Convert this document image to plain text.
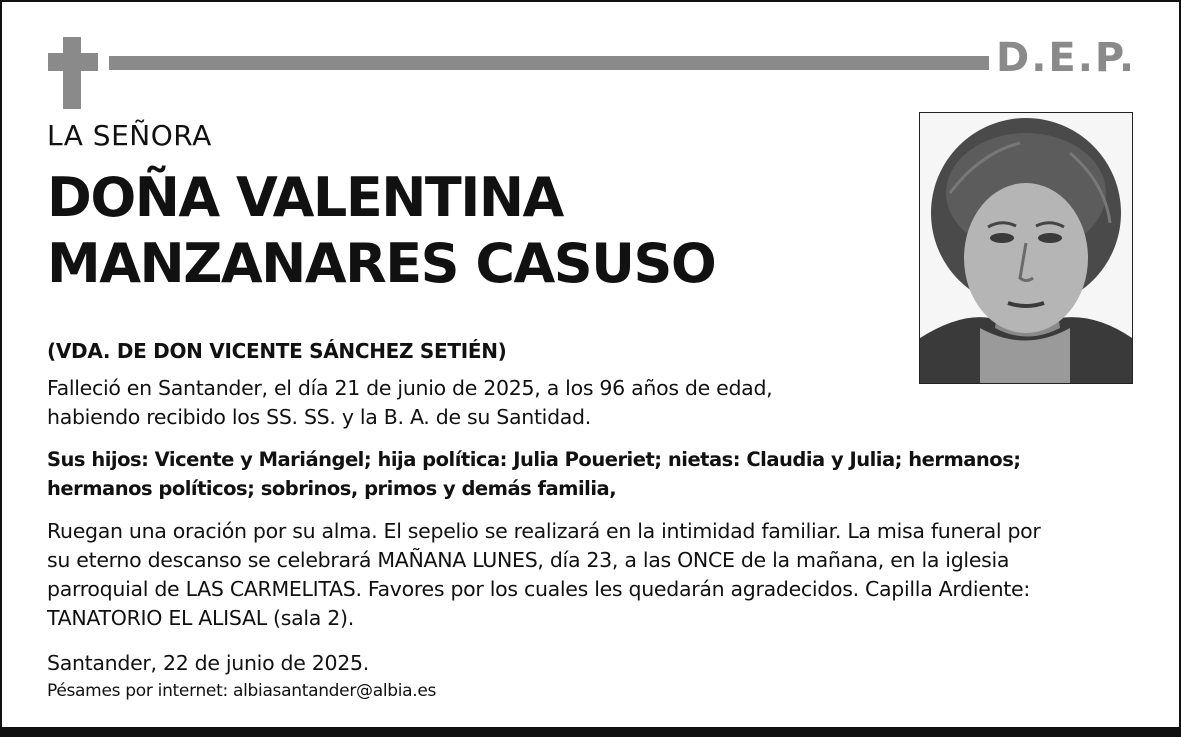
D.E.P.
LA SEÑORA
DOÑA VALENTINA
MANZANARES CASUSO
(VDA. DE DON VICENTE SÁNCHEZ SETIÉN)
Falleció en Santander, el día 21 de junio de 2025, a los 96 años de edad,
habiendo recibido los SS. SS. y la B. A. de su Santidad.
Sus hijos: Vicente y Mariángel; hija política: Julia Poueriet; nietas: Claudia y Julia; hermanos;
hermanos políticos; sobrinos, primos y demás familia,
Ruegan una oración por su alma. El sepelio se realizará en la intimidad familiar. La misa funeral por
su eterno descanso se celebrará MAÑANA LUNES, día 23, a las ONCE de la mañana, en la iglesia
parroquial de LAS CARMELITAS. Favores por los cuales les quedarán agradecidos. Capilla Ardiente:
TANATORIO EL ALISAL (sala 2).
Santander, 22 de junio de 2025.
Pésames por internet: albiasantander@albia.es
